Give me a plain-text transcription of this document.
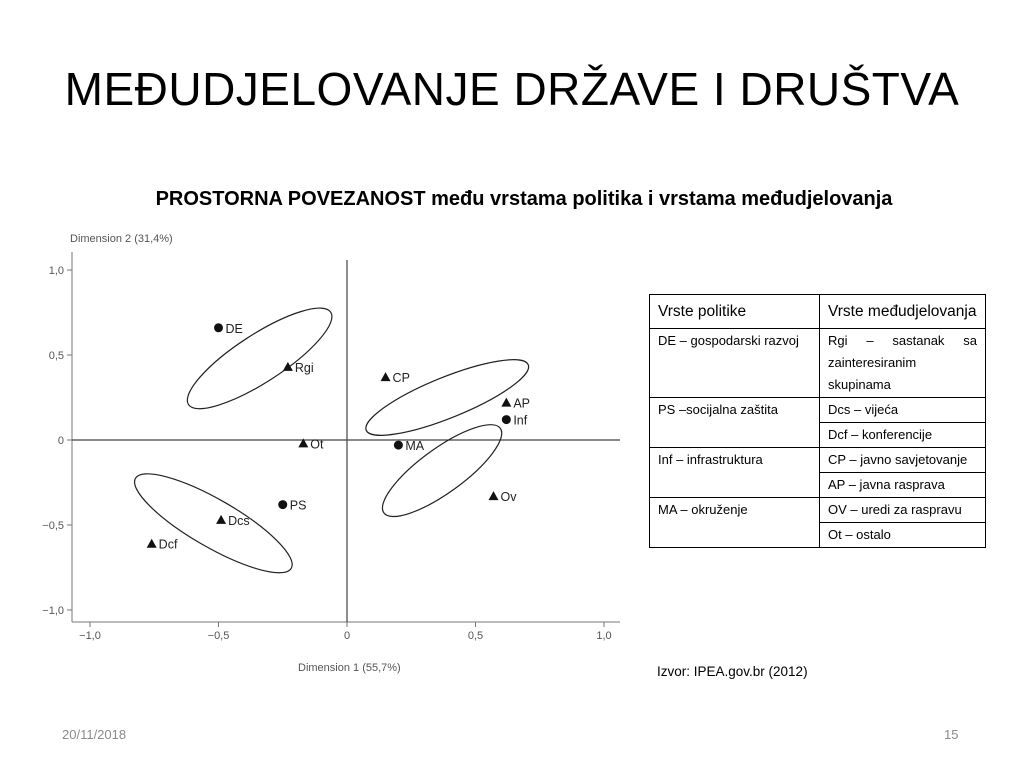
MEĐUDJELOVANJE DRŽAVE I DRUŠTVA
PROSTORNA POVEZANOST među vrstama politika i vrstama međudjelovanja
Dimension 2 (31,4%)
Dimension 1 (55,7%)
−1,0	−0,5	0	0,5	1,0
1,0
0,5
0
−0,5
−1,0
DE
PS
Inf
MA
Rgi
Ot
CP
AP
Ov
Dcs
Dcf
Vrste politike	Vrste međudjelovanja
DE – gospodarski razvoj	Rgi – sastanak sa zainteresiranim skupinama
PS –socijalna zaštita	Dcs – vijeća
	Dcf – konferencije
Inf – infrastruktura	CP – javno savjetovanje
	AP – javna rasprava
MA – okruženje	OV – uredi za raspravu
	Ot – ostalo
Izvor: IPEA.gov.br (2012)
20/11/2018	15
